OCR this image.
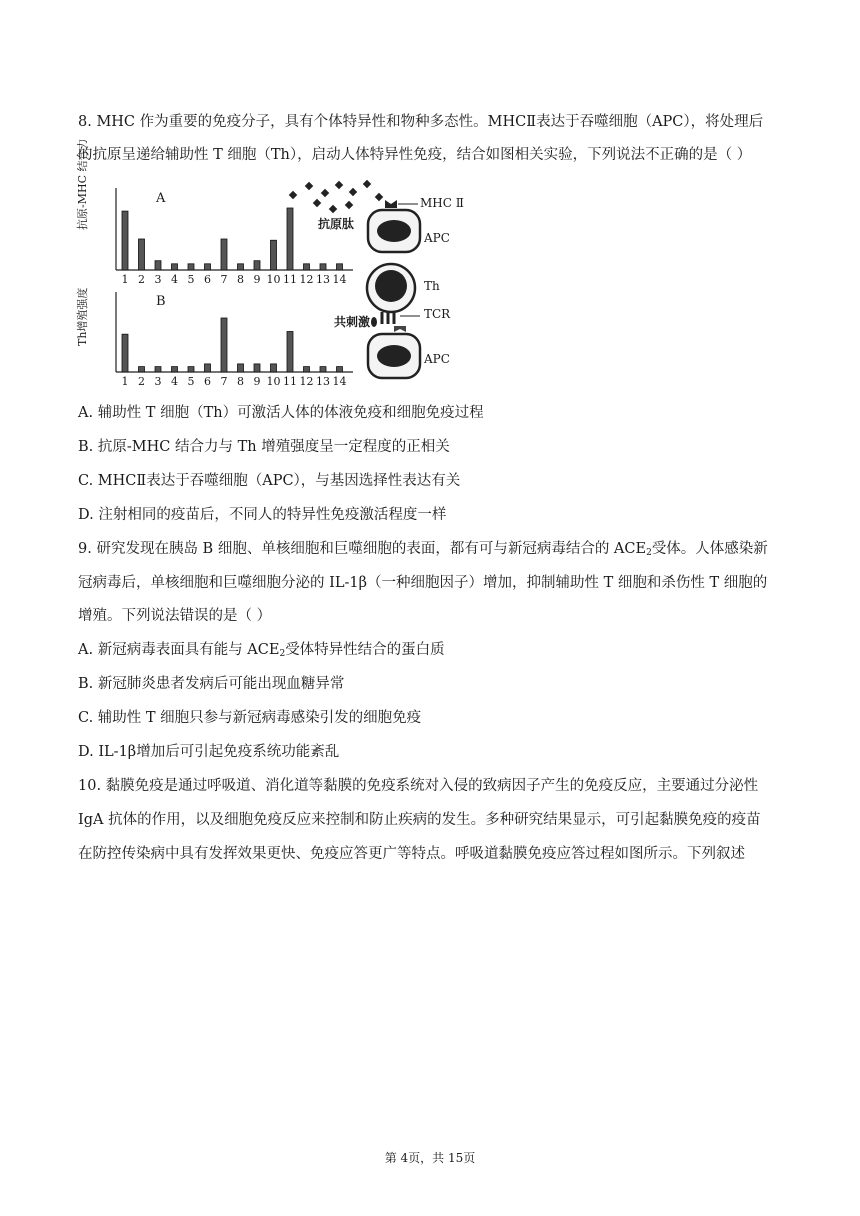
8. MHC 作为重要的免疫分子，具有个体特异性和物种多态性。MHCⅡ表达于吞噬细胞（APC），将处理后
的抗原呈递给辅助性 T 细胞（Th），启动人体特异性免疫，结合如图相关实验，下列说法不正确的是（ ）
抗原-MHC 结合力	A
1 2 3 4 5 6 7 8 9 10 11 12 13 14
Th增殖强度	B
1 2 3 4 5 6 7 8 9 10 11 12 13 14
抗原肽
MHC Ⅱ
APC
Th
TCR
共刺激
APC
A. 辅助性 T 细胞（Th）可激活人体的体液免疫和细胞免疫过程
B. 抗原-MHC 结合力与 Th 增殖强度呈一定程度的正相关
C. MHCⅡ表达于吞噬细胞（APC），与基因选择性表达有关
D. 注射相同的疫苗后，不同人的特异性免疫激活程度一样
9. 研究发现在胰岛 B 细胞、单核细胞和巨噬细胞的表面，都有可与新冠病毒结合的 $ACE_2$受体。人体感染新
冠病毒后，单核细胞和巨噬细胞分泌的 IL-1β（一种细胞因子）增加，抑制辅助性 T 细胞和杀伤性 T 细胞的
增殖。下列说法错误的是（ ）
A. 新冠病毒表面具有能与 $ACE_2$受体特异性结合的蛋白质
B. 新冠肺炎患者发病后可能出现血糖异常
C. 辅助性 T 细胞只参与新冠病毒感染引发的细胞免疫
D. IL-1β增加后可引起免疫系统功能紊乱
10. 黏膜免疫是通过呼吸道、消化道等黏膜的免疫系统对入侵的致病因子产生的免疫反应，主要通过分泌性
IgA 抗体的作用，以及细胞免疫反应来控制和防止疾病的发生。多种研究结果显示，可引起黏膜免疫的疫苗
在防控传染病中具有发挥效果更快、免疫应答更广等特点。呼吸道黏膜免疫应答过程如图所示。下列叙述
第 4页，共 15页
